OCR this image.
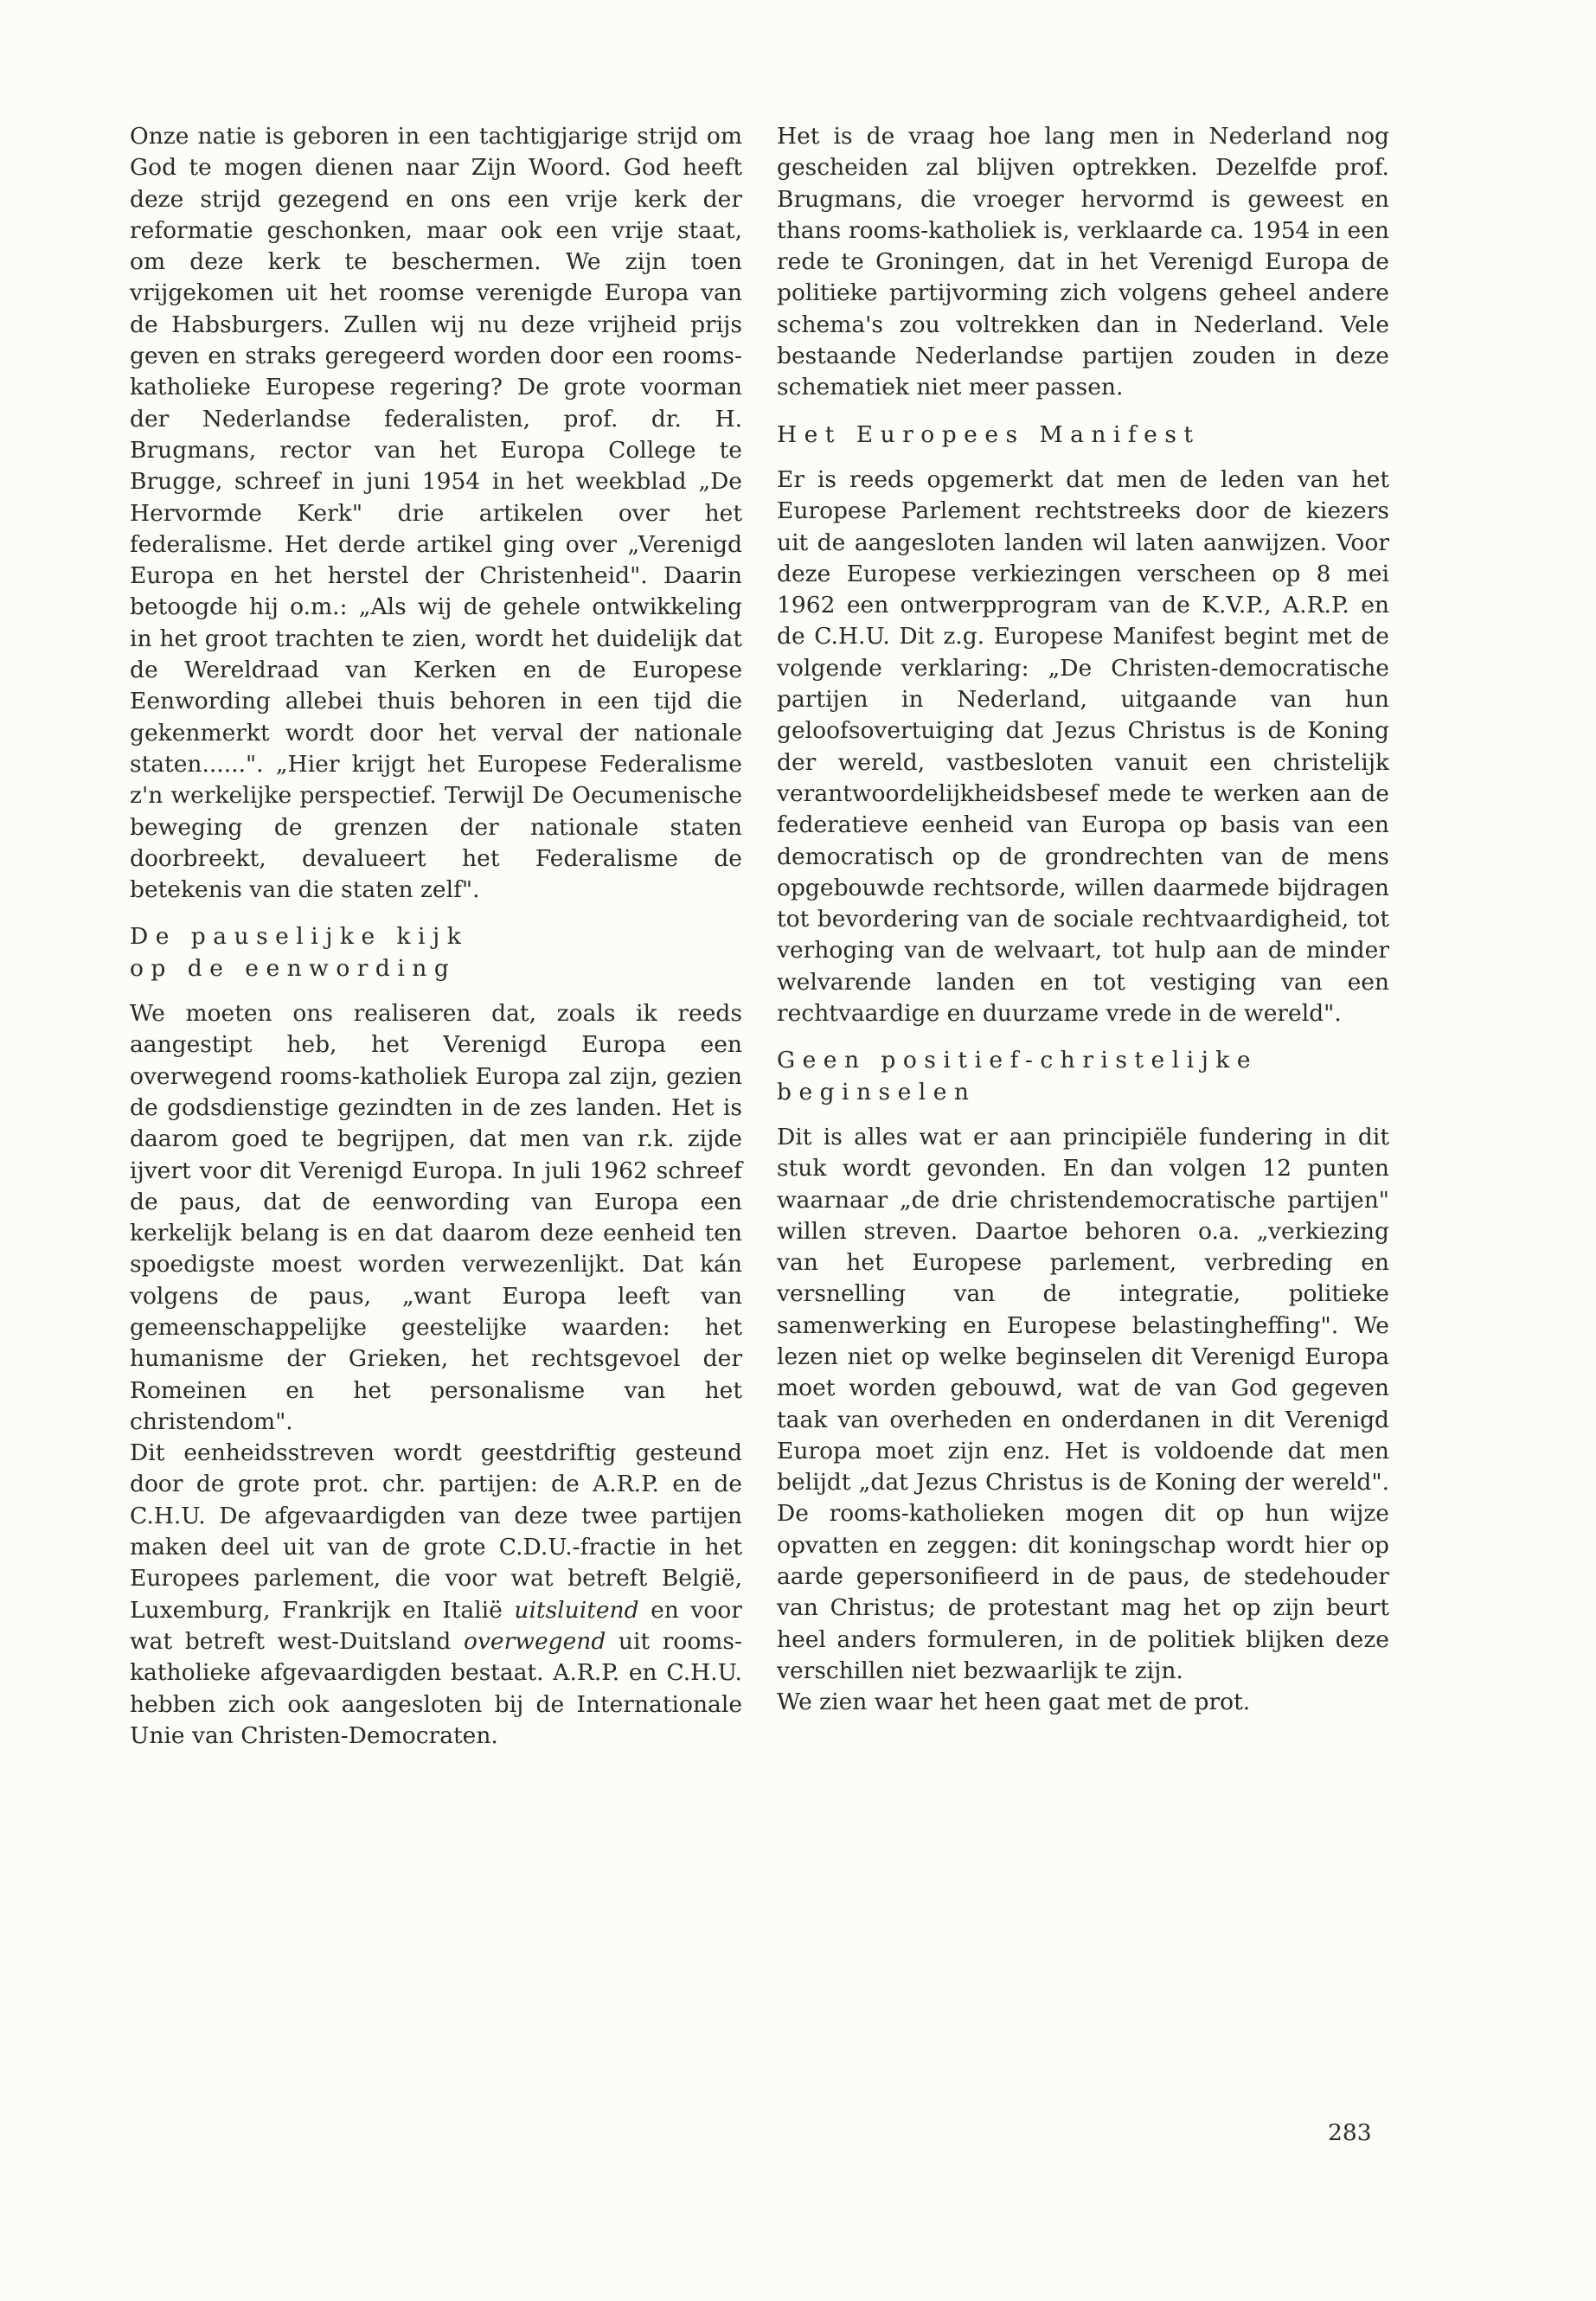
Onze natie is geboren in een tachtigjarige strijd om God te mogen dienen naar Zijn Woord. God heeft deze strijd gezegend en ons een vrije kerk der reformatie geschonken, maar ook een vrije staat, om deze kerk te beschermen. We zijn toen vrijgekomen uit het roomse verenigde Europa van de Habsburgers. Zullen wij nu deze vrijheid prijs geven en straks geregeerd worden door een rooms-katholieke Europese regering? De grote voorman der Nederlandse federalisten, prof. dr. H. Brugmans, rector van het Europa College te Brugge, schreef in juni 1954 in het weekblad „De Hervormde Kerk" drie artikelen over het federalisme. Het derde artikel ging over „Verenigd Europa en het herstel der Christenheid". Daarin betoogde hij o.m.: „Als wij de gehele ontwikkeling in het groot trachten te zien, wordt het duidelijk dat de Wereldraad van Kerken en de Europese Eenwording allebei thuis behoren in een tijd die gekenmerkt wordt door het verval der nationale staten......". „Hier krijgt het Europese Federalisme z'n werkelijke perspectief. Terwijl De Oecumenische beweging de grenzen der nationale staten doorbreekt, devalueert het Federalisme de betekenis van die staten zelf".

De pauselijke kijk
op de eenwording

We moeten ons realiseren dat, zoals ik reeds aangestipt heb, het Verenigd Europa een overwegend rooms-katholiek Europa zal zijn, gezien de godsdienstige gezindten in de zes landen. Het is daarom goed te begrijpen, dat men van r.k. zijde ijvert voor dit Verenigd Europa. In juli 1962 schreef de paus, dat de eenwording van Europa een kerkelijk belang is en dat daarom deze eenheid ten spoedigste moest worden verwezenlijkt. Dat kán volgens de paus, „want Europa leeft van gemeenschappelijke geestelijke waarden: het humanisme der Grieken, het rechtsgevoel der Romeinen en het personalisme van het christendom".

Dit eenheidsstreven wordt geestdriftig gesteund door de grote prot. chr. partijen: de A.R.P. en de C.H.U. De afgevaardigden van deze twee partijen maken deel uit van de grote C.D.U.-fractie in het Europees parlement, die voor wat betreft België, Luxemburg, Frankrijk en Italië uitsluitend en voor wat betreft west-Duitsland overwegend uit rooms-katholieke afgevaardigden bestaat. A.R.P. en C.H.U. hebben zich ook aangesloten bij de Internationale Unie van Christen-Democraten.

Het is de vraag hoe lang men in Nederland nog gescheiden zal blijven optrekken. Dezelfde prof. Brugmans, die vroeger hervormd is geweest en thans rooms-katholiek is, verklaarde ca. 1954 in een rede te Groningen, dat in het Verenigd Europa de politieke partijvorming zich volgens geheel andere schema's zou voltrekken dan in Nederland. Vele bestaande Nederlandse partijen zouden in deze schematiek niet meer passen.

Het Europees Manifest

Er is reeds opgemerkt dat men de leden van het Europese Parlement rechtstreeks door de kiezers uit de aangesloten landen wil laten aanwijzen. Voor deze Europese verkiezingen verscheen op 8 mei 1962 een ontwerpprogram van de K.V.P., A.R.P. en de C.H.U. Dit z.g. Europese Manifest begint met de volgende verklaring: „De Christen-democratische partijen in Nederland, uitgaande van hun geloofsovertuiging dat Jezus Christus is de Koning der wereld, vastbesloten vanuit een christelijk verantwoordelijkheidsbesef mede te werken aan de federatieve eenheid van Europa op basis van een democratisch op de grondrechten van de mens opgebouwde rechtsorde, willen daarmede bijdragen tot bevordering van de sociale rechtvaardigheid, tot verhoging van de welvaart, tot hulp aan de minder welvarende landen en tot vestiging van een rechtvaardige en duurzame vrede in de wereld".

Geen positief-christelijke
beginselen

Dit is alles wat er aan principiële fundering in dit stuk wordt gevonden. En dan volgen 12 punten waarnaar „de drie christendemocratische partijen" willen streven. Daartoe behoren o.a. „verkiezing van het Europese parlement, verbreding en versnelling van de integratie, politieke samenwerking en Europese belastingheffing". We lezen niet op welke beginselen dit Verenigd Europa moet worden gebouwd, wat de van God gegeven taak van overheden en onderdanen in dit Verenigd Europa moet zijn enz. Het is voldoende dat men belijdt „dat Jezus Christus is de Koning der wereld". De rooms-katholieken mogen dit op hun wijze opvatten en zeggen: dit koningschap wordt hier op aarde gepersonifieerd in de paus, de stedehouder van Christus; de protestant mag het op zijn beurt heel anders formuleren, in de politiek blijken deze verschillen niet bezwaarlijk te zijn.

We zien waar het heen gaat met de prot.

283
